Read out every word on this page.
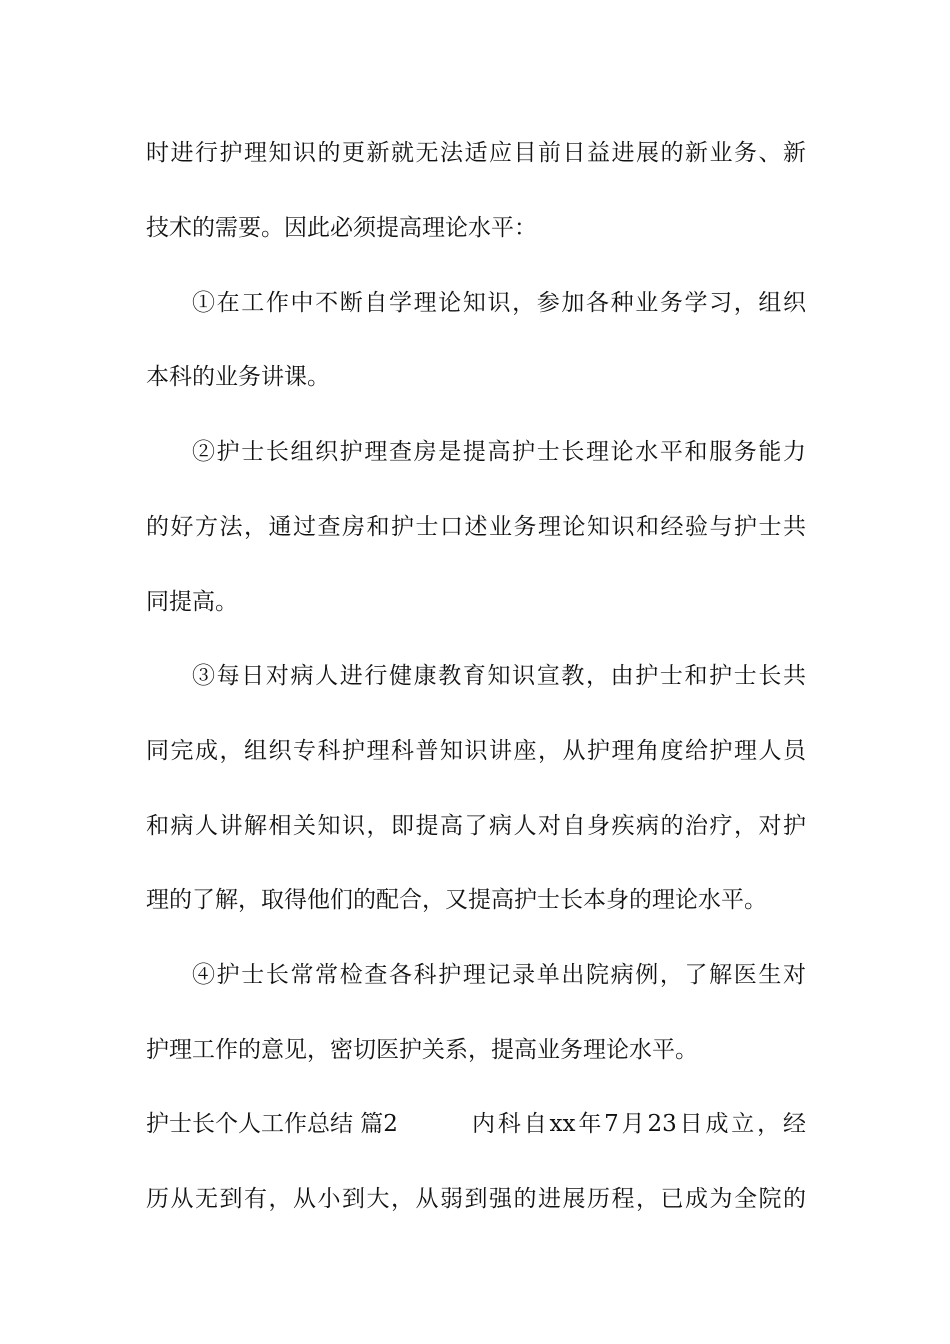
时进行护理知识的更新就无法适应目前日益进展的新业务、新
技术的需要。因此必须提高理论水平：
①在工作中不断自学理论知识，参加各种业务学习，组织
本科的业务讲课。
②护士长组织护理查房是提高护士长理论水平和服务能力
的好方法，通过查房和护士口述业务理论知识和经验与护士共
同提高。
③每日对病人进行健康教育知识宣教，由护士和护士长共
同完成，组织专科护理科普知识讲座，从护理角度给护理人员
和病人讲解相关知识，即提高了病人对自身疾病的治疗，对护
理的了解，取得他们的配合，又提高护士长本身的理论水平。
④护士长常常检查各科护理记录单出院病例，了解医生对
护理工作的意见，密切医护关系，提高业务理论水平。
护士长个人工作总结 篇2	内科自xx年7月23日成立，经
历从无到有，从小到大，从弱到强的进展历程，已成为全院的
